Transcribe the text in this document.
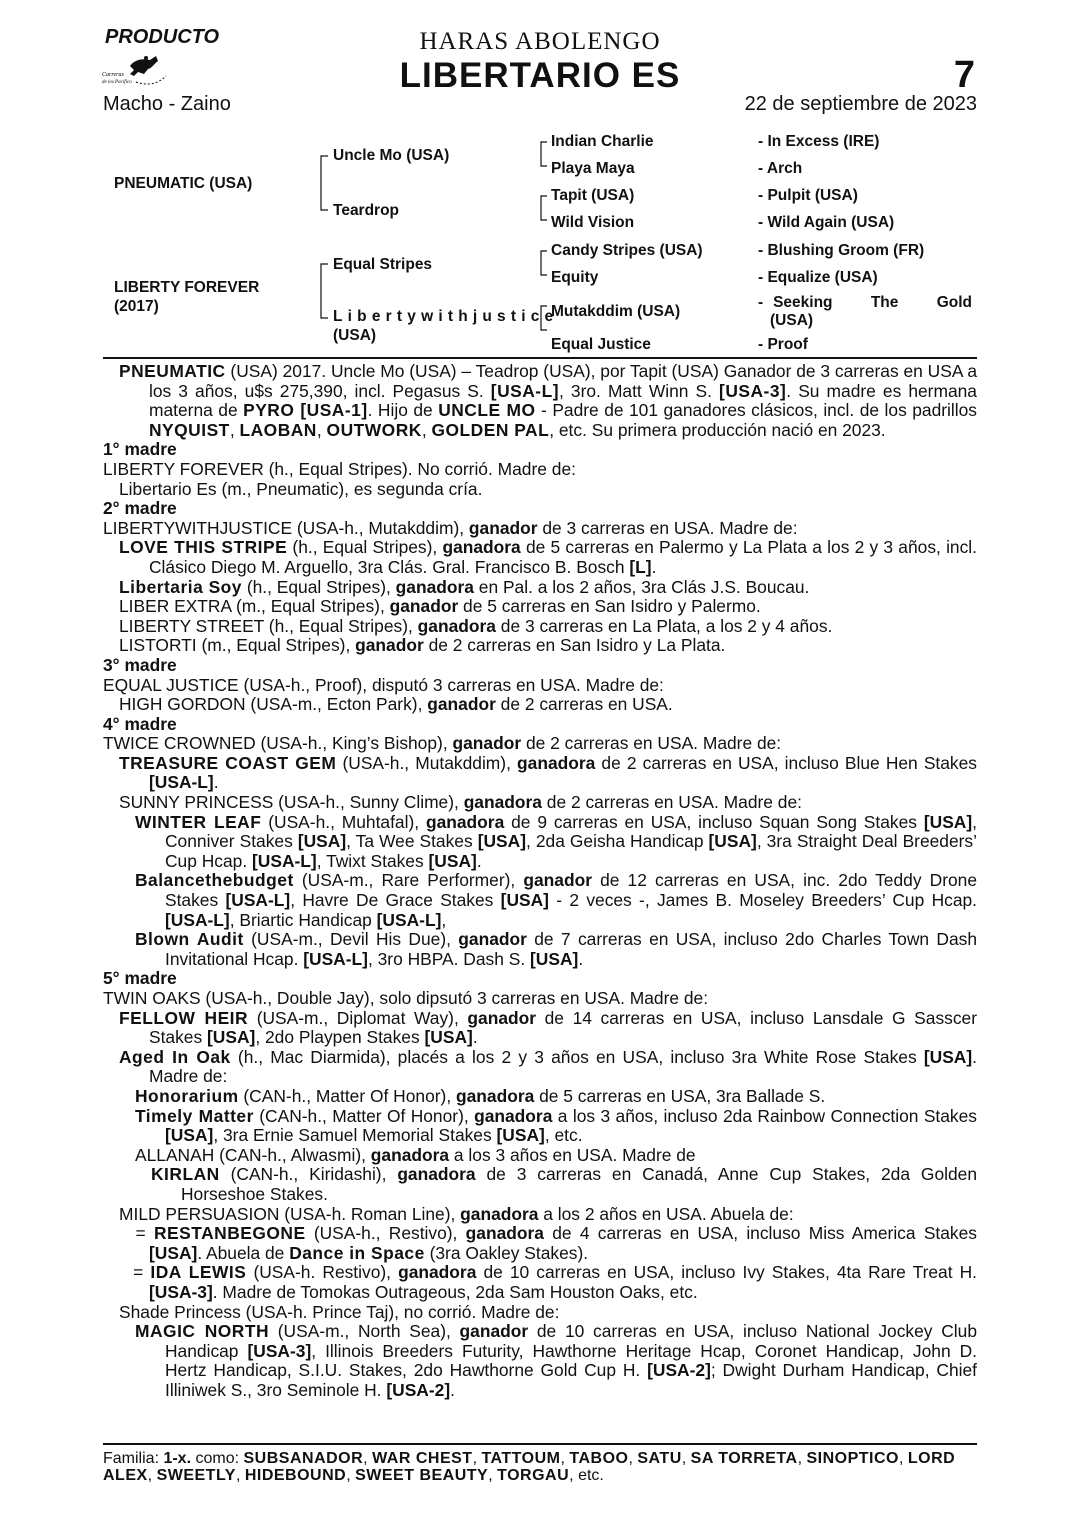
PRODUCTO
Carreras
de los Pacífico
HARAS ABOLENGO
LIBERTARIO ES	7
Macho - Zaino	22 de septiembre de 2023
PNEUMATIC (USA)
LIBERTY FOREVER
(2017)
Uncle Mo (USA)
Teardrop
Equal Stripes
Libertywithjustice
(USA)
Indian Charlie
Playa Maya
Tapit (USA)
Wild Vision
Candy Stripes (USA)
Equity
Mutakddim (USA)
Equal Justice
- In Excess (IRE)
- Arch
- Pulpit (USA)
- Wild Again (USA)
- Blushing Groom (FR)
- Equalize (USA)
- Seeking The Gold
(USA)
- Proof

PNEUMATIC (USA) 2017. Uncle Mo (USA) – Teadrop (USA), por Tapit (USA) Ganador de 3 carreras en USA a los 3 años, u$s 275,390, incl. Pegasus S. [USA-L], 3ro. Matt Winn S. [USA-3]. Su madre es hermana materna de PYRO [USA-1]. Hijo de UNCLE MO - Padre de 101 ganadores clásicos, incl. de los padrillos NYQUIST, LAOBAN, OUTWORK, GOLDEN PAL, etc. Su primera producción nació en 2023.

1° madre

LIBERTY FOREVER (h., Equal Stripes). No corrió. Madre de:

Libertario Es (m., Pneumatic), es segunda cría.

2° madre

LIBERTYWITHJUSTICE (USA-h., Mutakddim), ganador de 3 carreras en USA. Madre de:

LOVE THIS STRIPE (h., Equal Stripes), ganadora de 5 carreras en Palermo y La Plata a los 2 y 3 años, incl. Clásico Diego M. Arguello, 3ra Clás. Gral. Francisco B. Bosch [L].

Libertaria Soy (h., Equal Stripes), ganadora en Pal. a los 2 años, 3ra Clás J.S. Boucau.

LIBER EXTRA (m., Equal Stripes), ganador de 5 carreras en San Isidro y Palermo.

LIBERTY STREET (h., Equal Stripes), ganadora de 3 carreras en La Plata, a los 2 y 4 años.

LISTORTI (m., Equal Stripes), ganador de 2 carreras en San Isidro y La Plata.

3° madre

EQUAL JUSTICE (USA-h., Proof), disputó 3 carreras en USA. Madre de:

HIGH GORDON (USA-m., Ecton Park), ganador de 2 carreras en USA.

4° madre

TWICE CROWNED (USA-h., King’s Bishop), ganador de 2 carreras en USA. Madre de:

TREASURE COAST GEM (USA-h., Mutakddim), ganadora de 2 carreras en USA, incluso Blue Hen Stakes [USA-L].

SUNNY PRINCESS (USA-h., Sunny Clime), ganadora de 2 carreras en USA. Madre de:

WINTER LEAF (USA-h., Muhtafal), ganadora de 9 carreras en USA, incluso Squan Song Stakes [USA], Conniver Stakes [USA], Ta Wee Stakes [USA], 2da Geisha Handicap [USA], 3ra Straight Deal Breeders’ Cup Hcap. [USA-L], Twixt Stakes [USA].

Balancethebudget (USA-m., Rare Performer), ganador de 12 carreras en USA, inc. 2do Teddy Drone Stakes [USA-L], Havre De Grace Stakes [USA] - 2 veces -, James B. Moseley Breeders’ Cup Hcap. [USA-L], Briartic Handicap [USA-L],

Blown Audit (USA-m., Devil His Due), ganador de 7 carreras en USA, incluso 2do Charles Town Dash Invitational Hcap. [USA-L], 3ro HBPA. Dash S. [USA].

5° madre

TWIN OAKS (USA-h., Double Jay), solo dipsutó 3 carreras en USA. Madre de:

FELLOW HEIR (USA-m., Diplomat Way), ganador de 14 carreras en USA, incluso Lansdale G Sasscer Stakes [USA], 2do Playpen Stakes [USA].

Aged In Oak (h., Mac Diarmida), placés a los 2 y 3 años en USA, incluso 3ra White Rose Stakes [USA]. Madre de:

Honorarium (CAN-h., Matter Of Honor), ganadora de 5 carreras en USA, 3ra Ballade S.

Timely Matter (CAN-h., Matter Of Honor), ganadora a los 3 años, incluso 2da Rainbow Connection Stakes [USA], 3ra Ernie Samuel Memorial Stakes [USA], etc.

ALLANAH (CAN-h., Alwasmi), ganadora a los 3 años en USA. Madre de

KIRLAN (CAN-h., Kiridashi), ganadora de 3 carreras en Canadá, Anne Cup Stakes, 2da Golden Horseshoe Stakes.

MILD PERSUASION (USA-h. Roman Line), ganadora a los 2 años en USA. Abuela de:

= RESTANBEGONE (USA-h., Restivo), ganadora de 4 carreras en USA, incluso Miss America Stakes [USA]. Abuela de Dance in Space (3ra Oakley Stakes).

= IDA LEWIS (USA-h. Restivo), ganadora de 10 carreras en USA, incluso Ivy Stakes, 4ta Rare Treat H. [USA-3]. Madre de Tomokas Outrageous, 2da Sam Houston Oaks, etc.

Shade Princess (USA-h. Prince Taj), no corrió. Madre de:

MAGIC NORTH (USA-m., North Sea), ganador de 10 carreras en USA, incluso National Jockey Club Handicap [USA-3], Illinois Breeders Futurity, Hawthorne Heritage Hcap, Coronet Handicap, John D. Hertz Handicap, S.I.U. Stakes, 2do Hawthorne Gold Cup H. [USA-2]; Dwight Durham Handicap, Chief Illiniwek S., 3ro Seminole H. [USA-2].

Familia: 1-x. como: SUBSANADOR, WAR CHEST, TATTOUM, TABOO, SATU, SA TORRETA, SINOPTICO, LORD ALEX, SWEETLY, HIDEBOUND, SWEET BEAUTY, TORGAU, etc.
